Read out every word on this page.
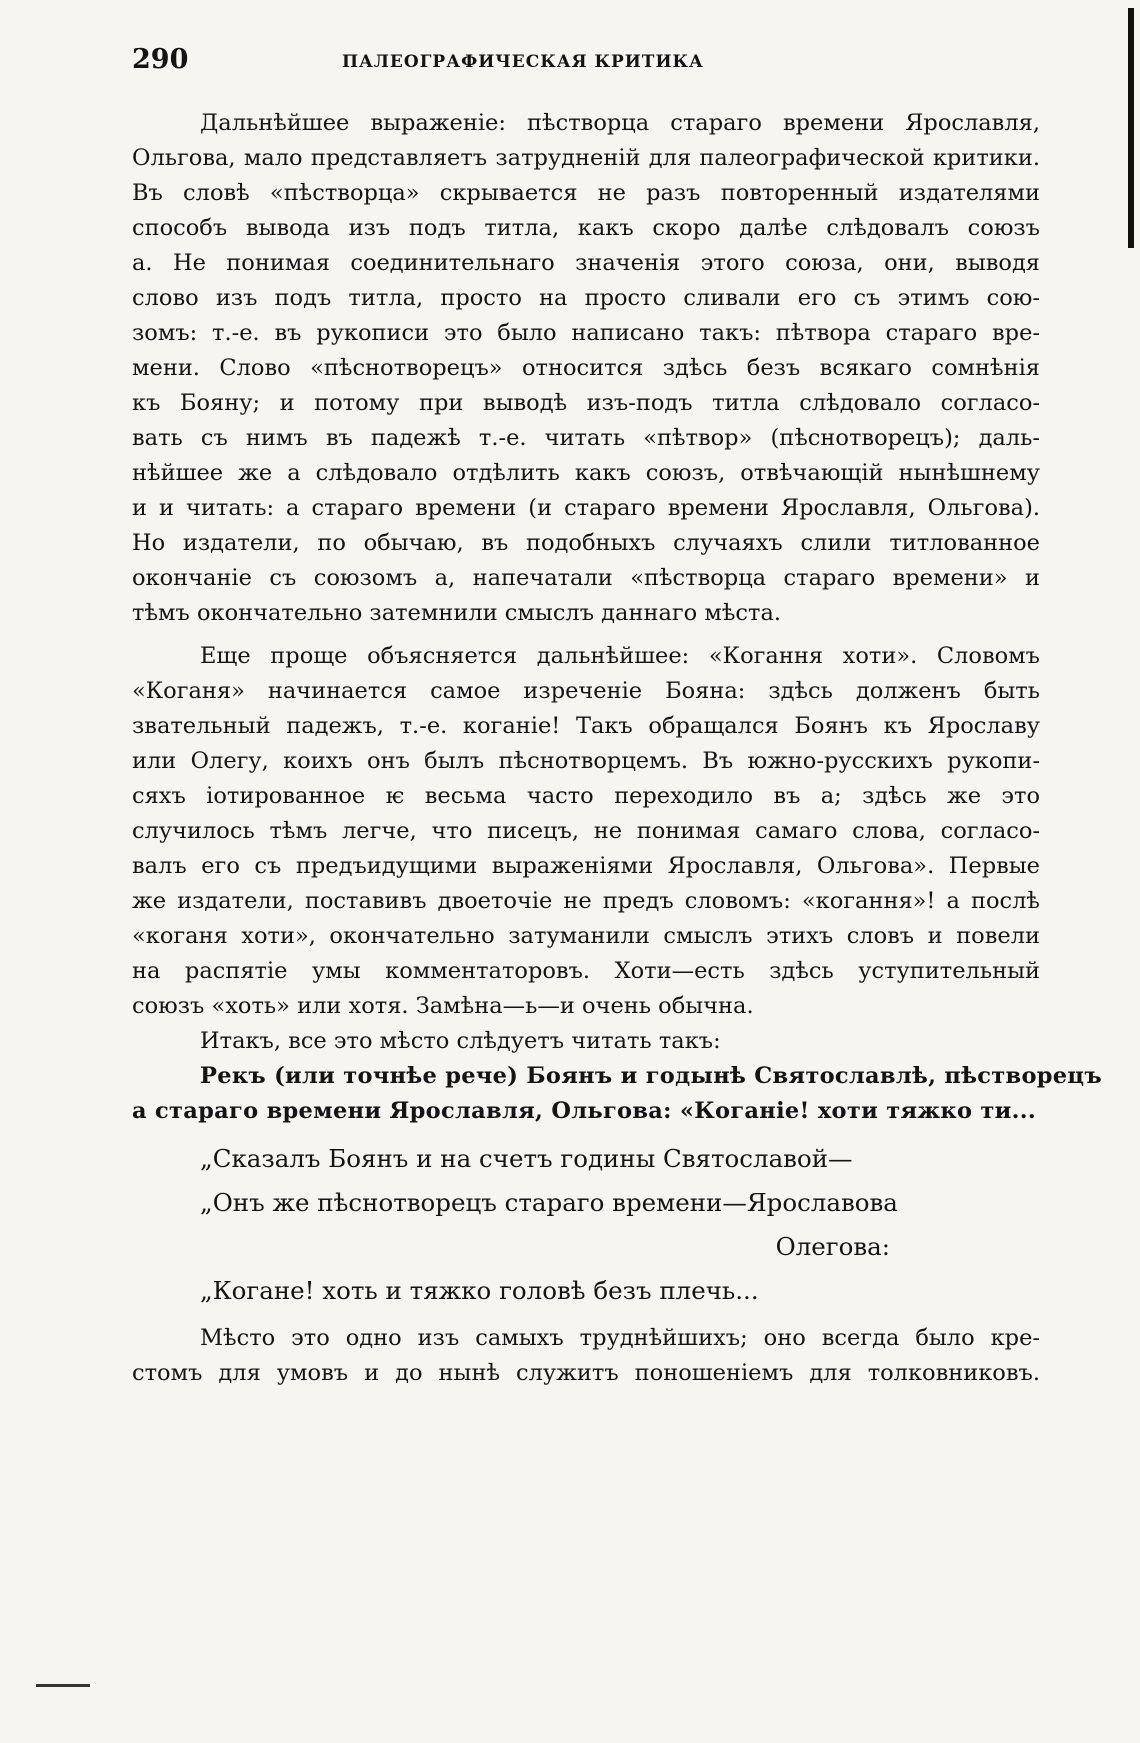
290	ПАЛЕОГРАФИЧЕСКАЯ КРИТИКА
Дальнѣйшее выраженіе: пѣстворца стараго времени Ярославля,
Ольгова, мало представляетъ затрудненій для палеографической критики.
Въ словѣ «пѣстворца» скрывается не разъ повторенный издателями
способъ вывода изъ подъ титла, какъ скоро далѣе слѣдовалъ союзъ
а. Не понимая соединительнаго значенія этого союза, они, выводя
слово изъ подъ титла, просто на просто сливали его съ этимъ сою-
зомъ: т.-е. въ рукописи это было написано такъ: пѣтвора стараго вре-
мени. Слово «пѣснотворецъ» относится здѣсь безъ всякаго сомнѣнія
къ Бояну; и потому при выводѣ изъ-подъ титла слѣдовало согласо-
вать съ нимъ въ падежѣ т.-е. читать «пѣтвор» (пѣснотворецъ); даль-
нѣйшее же а слѣдовало отдѣлить какъ союзъ, отвѣчающій нынѣшнему
и и читать: а стараго времени (и стараго времени Ярославля, Ольгова).
Но издатели, по обычаю, въ подобныхъ случаяхъ слили титлованное
окончаніе съ союзомъ а, напечатали «пѣстворца стараго времени» и
тѣмъ окончательно затемнили смыслъ даннаго мѣста.
Еще проще объясняется дальнѣйшее: «Когання хоти». Словомъ
«Коганя» начинается самое изреченіе Бояна: здѣсь долженъ быть
звательный падежъ, т.-е. коганіе! Такъ обращался Боянъ къ Ярославу
или Олегу, коихъ онъ былъ пѣснотворцемъ. Въ южно-русскихъ рукопи-
сяхъ іотированное ѥ весьма часто переходило въ а; здѣсь же это
случилось тѣмъ легче, что писецъ, не понимая самаго слова, согласо-
валъ его съ предъидущими выраженіями Ярославля, Ольгова». Первые
же издатели, поставивъ двоеточіе не предъ словомъ: «когання»! а послѣ
«коганя хоти», окончательно затуманили смыслъ этихъ словъ и повели
на распятіе умы комментаторовъ. Хоти—есть здѣсь уступительный
союзъ «хоть» или хотя. Замѣна—ь—и очень обычна.
Итакъ, все это мѣсто слѣдуетъ читать такъ:
Рекъ (или точнѣе рече) Боянъ и годынѣ Святославлѣ, пѣстворецъ
а стараго времени Ярославля, Ольгова: «Коганіе! хоти тяжко ти...
„Сказалъ Боянъ и на счетъ годины Святославой—
„Онъ же пѣснотворецъ стараго времени—Ярославова
Олегова:
„Коганe! хоть и тяжко головѣ безъ плечь...
Мѣсто это одно изъ самыхъ труднѣйшихъ; оно всегда было кре-
стомъ для умовъ и до нынѣ служитъ поношеніемъ для толковниковъ.
